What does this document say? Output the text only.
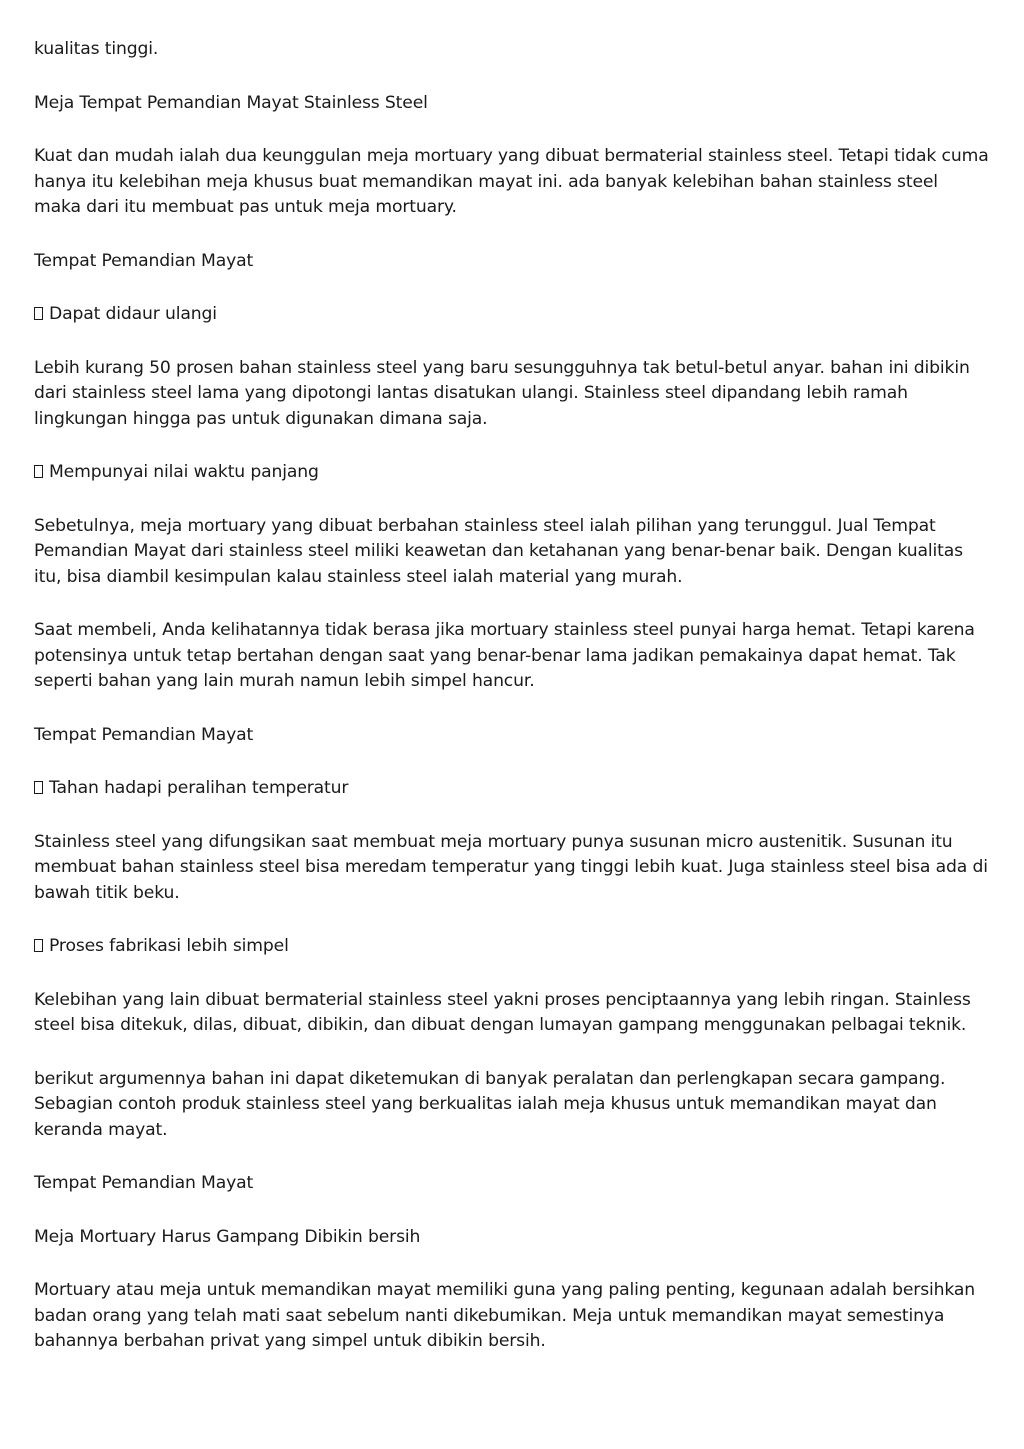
kualitas tinggi.

Meja Tempat Pemandian Mayat Stainless Steel

Kuat dan mudah ialah dua keunggulan meja mortuary yang dibuat bermaterial stainless steel. Tetapi tidak cuma hanya itu kelebihan meja khusus buat memandikan mayat ini. ada banyak kelebihan bahan stainless steel maka dari itu membuat pas untuk meja mortuary.

Tempat Pemandian Mayat

Dapat didaur ulangi

Lebih kurang 50 prosen bahan stainless steel yang baru sesungguhnya tak betul-betul anyar. bahan ini dibikin dari stainless steel lama yang dipotongi lantas disatukan ulangi. Stainless steel dipandang lebih ramah lingkungan hingga pas untuk digunakan dimana saja.

Mempunyai nilai waktu panjang

Sebetulnya, meja mortuary yang dibuat berbahan stainless steel ialah pilihan yang terunggul. Jual Tempat Pemandian Mayat dari stainless steel miliki keawetan dan ketahanan yang benar-benar baik. Dengan kualitas itu, bisa diambil kesimpulan kalau stainless steel ialah material yang murah.

Saat membeli, Anda kelihatannya tidak berasa jika mortuary stainless steel punyai harga hemat. Tetapi karena potensinya untuk tetap bertahan dengan saat yang benar-benar lama jadikan pemakainya dapat hemat. Tak seperti bahan yang lain murah namun lebih simpel hancur.

Tempat Pemandian Mayat

Tahan hadapi peralihan temperatur

Stainless steel yang difungsikan saat membuat meja mortuary punya susunan micro austenitik. Susunan itu membuat bahan stainless steel bisa meredam temperatur yang tinggi lebih kuat. Juga stainless steel bisa ada di bawah titik beku.

Proses fabrikasi lebih simpel

Kelebihan yang lain dibuat bermaterial stainless steel yakni proses penciptaannya yang lebih ringan. Stainless steel bisa ditekuk, dilas, dibuat, dibikin, dan dibuat dengan lumayan gampang menggunakan pelbagai teknik.

berikut argumennya bahan ini dapat diketemukan di banyak peralatan dan perlengkapan secara gampang. Sebagian contoh produk stainless steel yang berkualitas ialah meja khusus untuk memandikan mayat dan keranda mayat.

Tempat Pemandian Mayat

Meja Mortuary Harus Gampang Dibikin bersih

Mortuary atau meja untuk memandikan mayat memiliki guna yang paling penting, kegunaan adalah bersihkan badan orang yang telah mati saat sebelum nanti dikebumikan. Meja untuk memandikan mayat semestinya bahannya berbahan privat yang simpel untuk dibikin bersih.
